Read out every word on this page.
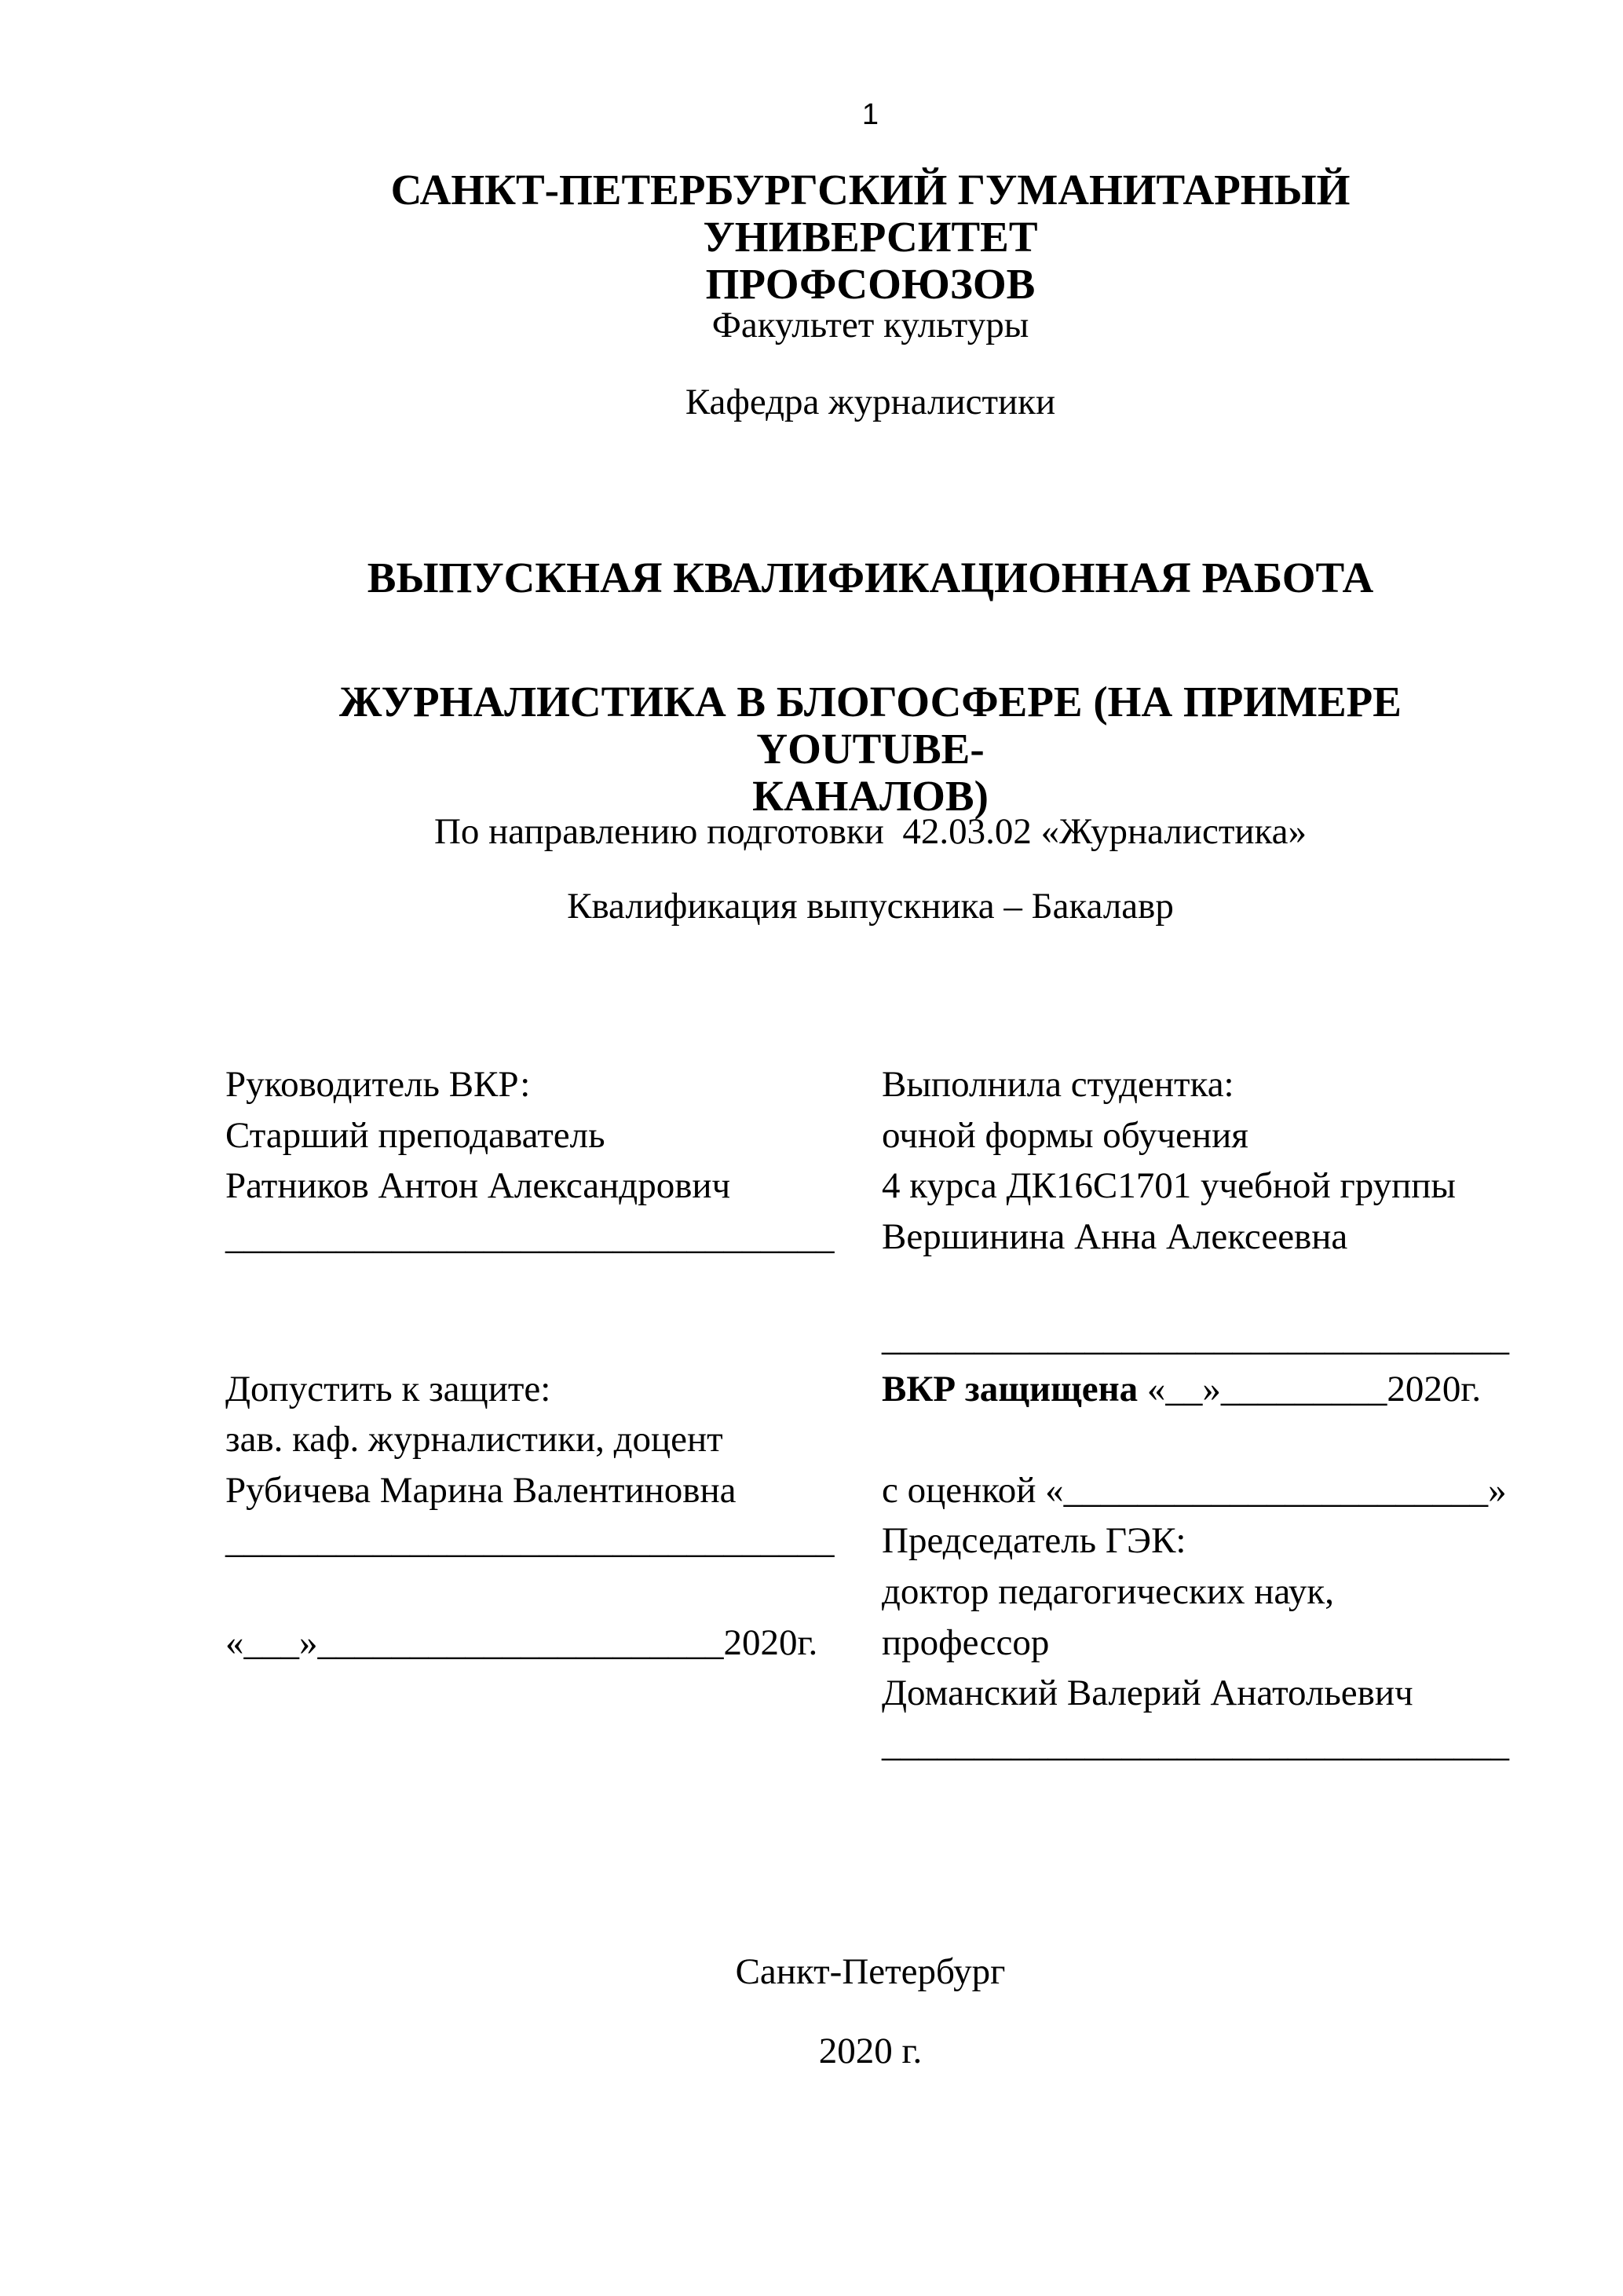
1
САНКТ-ПЕТЕРБУРГСКИЙ ГУМАНИТАРНЫЙ УНИВЕРСИТЕТ
ПРОФСОЮЗОВ
Факультет культуры
Кафедра журналистики
ВЫПУСКНАЯ КВАЛИФИКАЦИОННАЯ РАБОТА
ЖУРНАЛИСТИКА В БЛОГОСФЕРЕ (НА ПРИМЕРЕ YOUTUBE-
КАНАЛОВ)
По направлению подготовки  42.03.02 «Журналистика»
Квалификация выпускника – Бакалавр
Руководитель ВКР:
Старший преподаватель
Ратников Антон Александрович
_________________________________

Допустить к защите:
зав. каф. журналистики, доцент
Рубичева Марина Валентиновна
_________________________________

«___»______________________2020г.
Выполнила студентка:
очной формы обучения
4 курса ДК16С1701 учебной группы
Вершинина Анна Алексеевна

__________________________________
ВКР защищена «__»_________2020г.

с оценкой «_______________________»
Председатель ГЭК:
доктор педагогических наук,
профессор
Доманский Валерий Анатольевич
__________________________________
Санкт-Петербург
2020 г.
